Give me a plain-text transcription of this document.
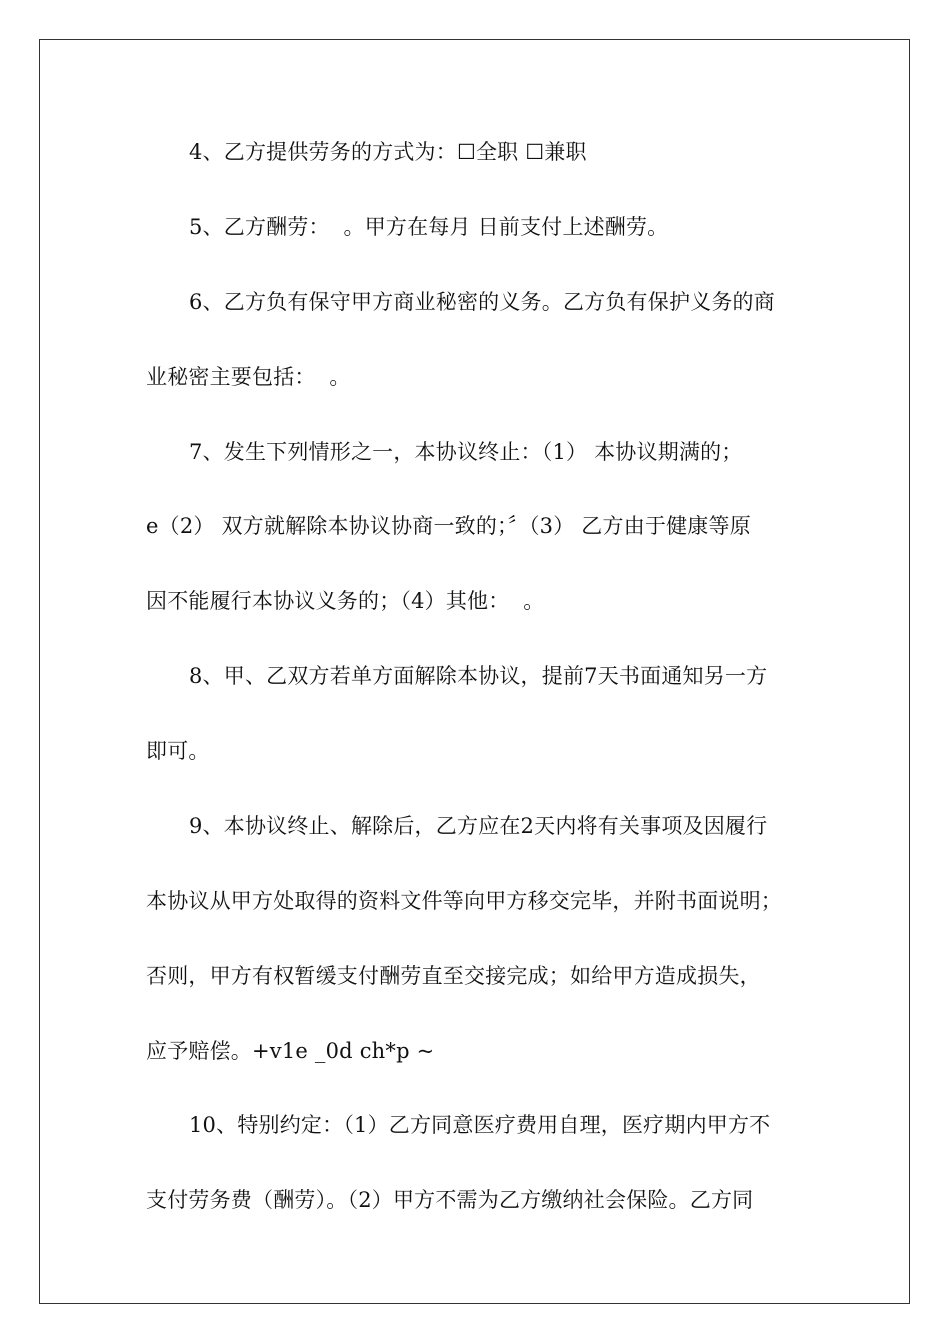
4、乙方提供劳务的方式为：☐全职 ☐兼职
5、乙方酬劳：  。甲方在每月 日前支付上述酬劳。
6、乙方负有保守甲方商业秘密的义务。乙方负有保护义务的商
业秘密主要包括：  。
7、发生下列情形之一，本协议终止：（1） 本协议期满的；
e（2） 双方就解除本协议协商一致的；〞（3） 乙方由于健康等原
因不能履行本协议义务的；（4）其他：  。
8、甲、乙双方若单方面解除本协议，提前7天书面通知另一方
即可。
9、本协议终止、解除后，乙方应在2天内将有关事项及因履行
本协议从甲方处取得的资料文件等向甲方移交完毕，并附书面说明；
否则，甲方有权暂缓支付酬劳直至交接完成；如给甲方造成损失，
应予赔偿。+v1e _0d ch*p ~
10、特别约定：（1）乙方同意医疗费用自理，医疗期内甲方不
支付劳务费（酬劳）。（2）甲方不需为乙方缴纳社会保险。乙方同
